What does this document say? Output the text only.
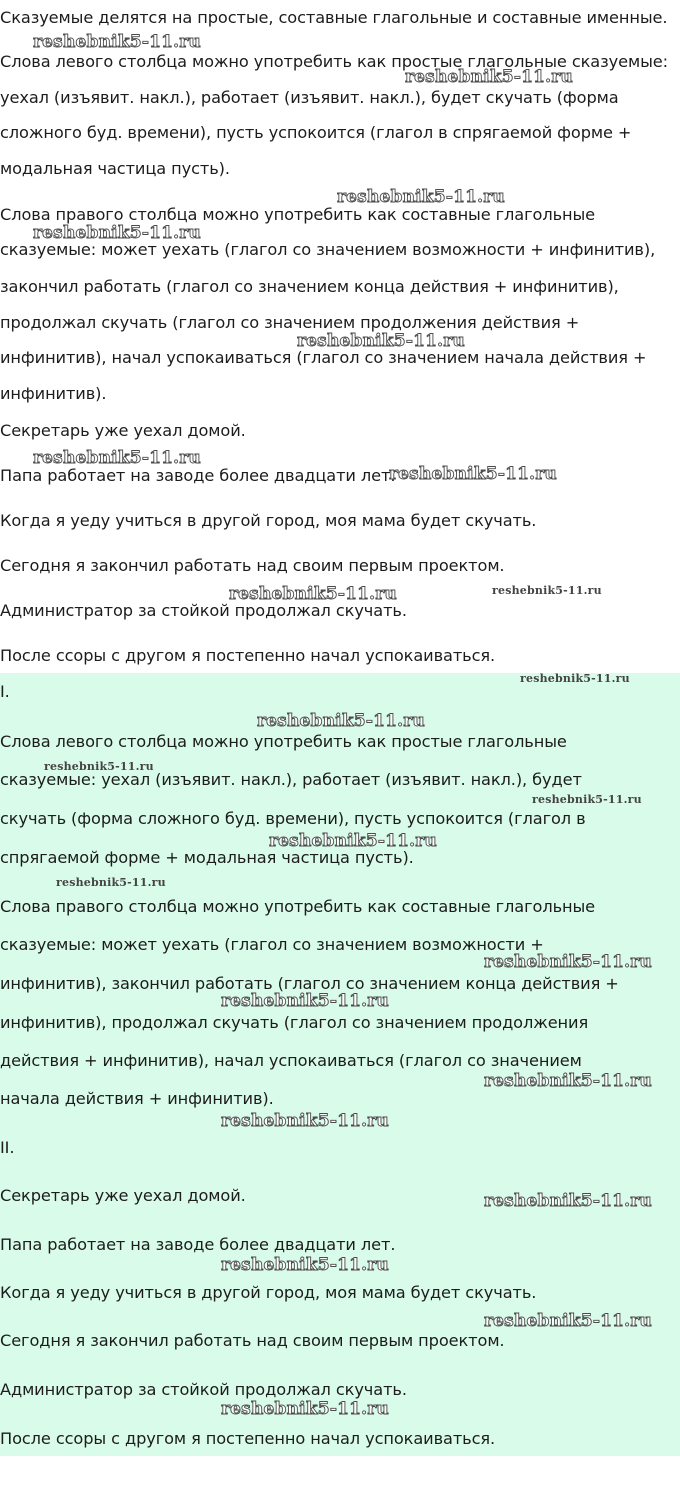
Сказуемые делятся на простые, составные глагольные и составные именные.
Слова левого столбца можно употребить как простые глагольные сказуемые:
уехал (изъявит. накл.), работает (изъявит. накл.), будет скучать (форма
сложного буд. времени), пусть успокоится (глагол в спрягаемой форме +
модальная частица пусть).
Слова правого столбца можно употребить как составные глагольные
сказуемые: может уехать (глагол со значением возможности + инфинитив),
закончил работать (глагол со значением конца действия + инфинитив),
продолжал скучать (глагол со значением продолжения действия +
инфинитив), начал успокаиваться (глагол со значением начала действия +
инфинитив).
Секретарь уже уехал домой.
Папа работает на заводе более двадцати лет.
Когда я уеду учиться в другой город, моя мама будет скучать.
Сегодня я закончил работать над своим первым проектом.
Администратор за стойкой продолжал скучать.
После ссоры с другом я постепенно начал успокаиваться.
I.
Слова левого столбца можно употребить как простые глагольные
сказуемые: уехал (изъявит. накл.), работает (изъявит. накл.), будет
скучать (форма сложного буд. времени), пусть успокоится (глагол в
спрягаемой форме + модальная частица пусть).
Слова правого столбца можно употребить как составные глагольные
сказуемые: может уехать (глагол со значением возможности +
инфинитив), закончил работать (глагол со значением конца действия +
инфинитив), продолжал скучать (глагол со значением продолжения
действия + инфинитив), начал успокаиваться (глагол со значением
начала действия + инфинитив).
II.
Секретарь уже уехал домой.
Папа работает на заводе более двадцати лет.
Когда я уеду учиться в другой город, моя мама будет скучать.
Сегодня я закончил работать над своим первым проектом.
Администратор за стойкой продолжал скучать.
После ссоры с другом я постепенно начал успокаиваться.
reshebnik5-11.ru
reshebnik5-11.ru
reshebnik5-11.ru
reshebnik5-11.ru
reshebnik5-11.ru
reshebnik5-11.ru
reshebnik5-11.ru
reshebnik5-11.ru	reshebnik5-11.ru
reshebnik5-11.ru
reshebnik5-11.ru
reshebnik5-11.ru
reshebnik5-11.ru
reshebnik5-11.ru
reshebnik5-11.ru
reshebnik5-11.ru
reshebnik5-11.ru
reshebnik5-11.ru
reshebnik5-11.ru
reshebnik5-11.ru
reshebnik5-11.ru
reshebnik5-11.ru
reshebnik5-11.ru
